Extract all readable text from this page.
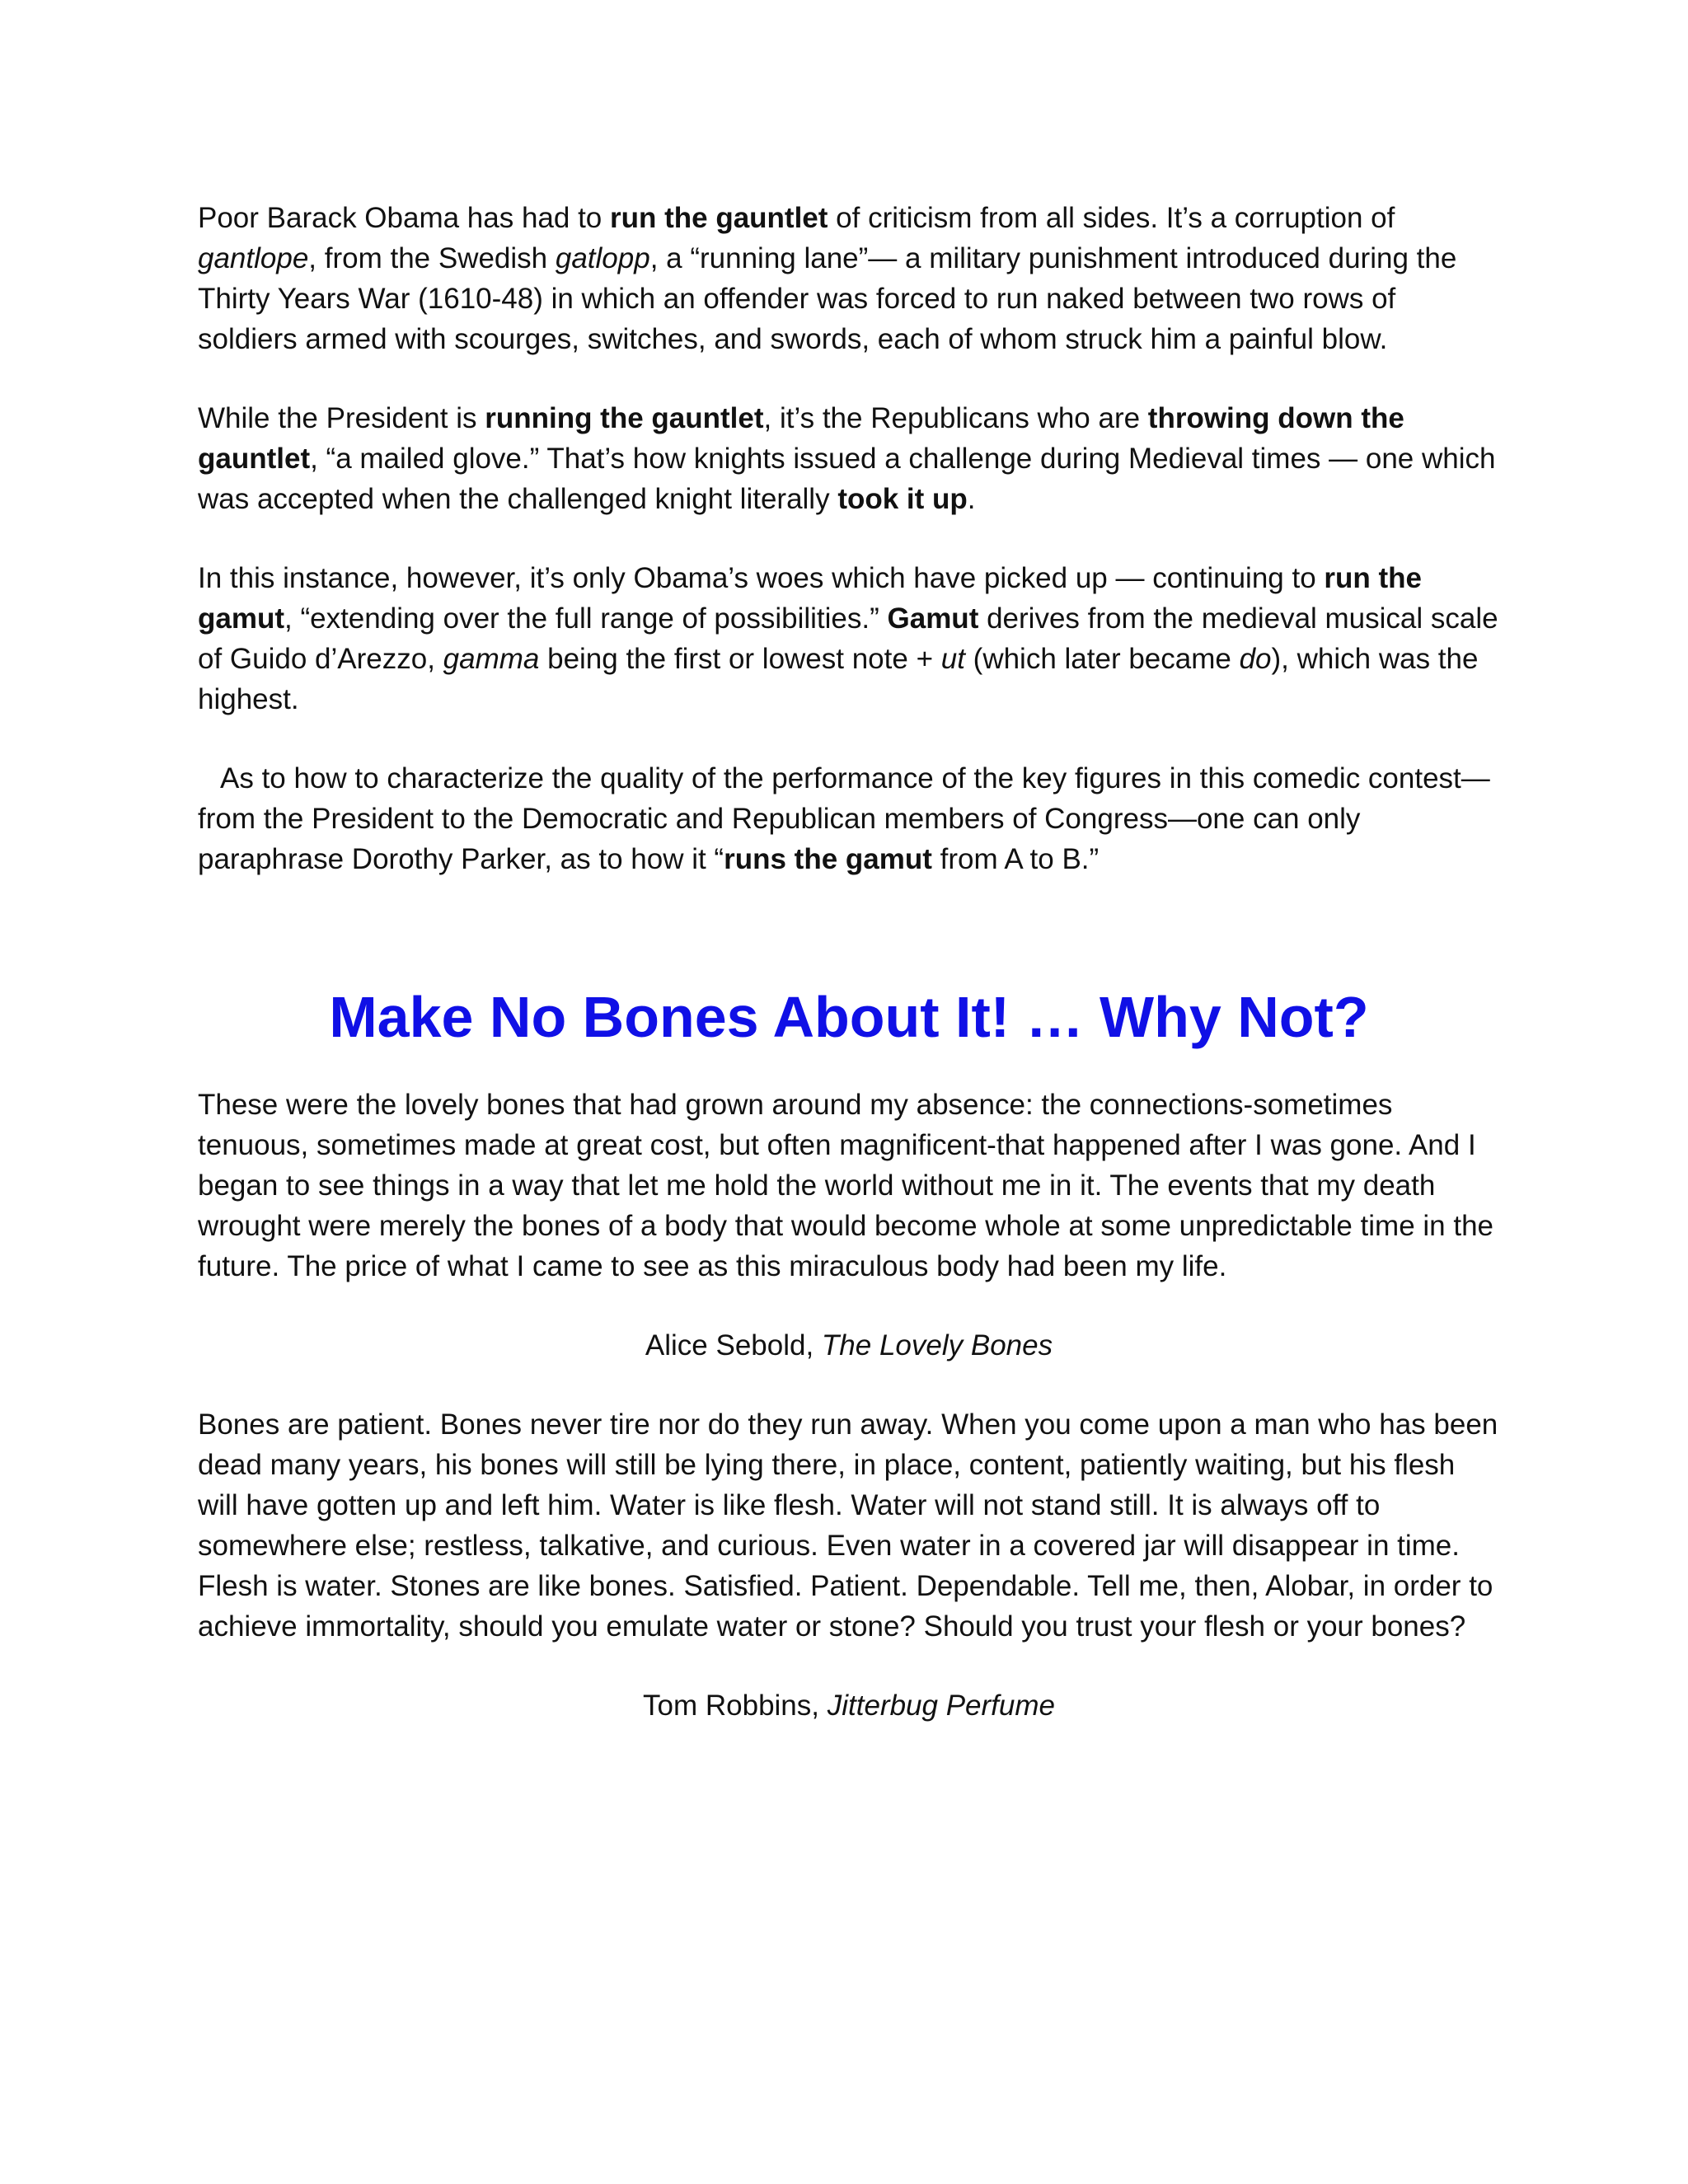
Poor Barack Obama has had to run the gauntlet of criticism from all sides. It’s a corruption of gantlope, from the Swedish gatlopp, a “running lane”— a military punishment introduced during the Thirty Years War (1610-48) in which an offender was forced to run naked between two rows of soldiers armed with scourges, switches, and swords, each of whom struck him a painful blow.

While the President is running the gauntlet, it’s the Republicans who are throwing down the gauntlet, “a mailed glove.” That’s how knights issued a challenge during Medieval times — one which was accepted when the challenged knight literally took it up.

In this instance, however, it’s only Obama’s woes which have picked up — continuing to run the gamut, “extending over the full range of possibilities.” Gamut derives from the medieval musical scale of Guido d’Arezzo, gamma being the first or lowest note + ut (which later became do), which was the highest.

As to how to characterize the quality of the performance of the key figures in this comedic contest—from the President to the Democratic and Republican members of Congress—one can only paraphrase Dorothy Parker, as to how it “runs the gamut from A to B.”

Make No Bones About It! … Why Not?

These were the lovely bones that had grown around my absence: the connections-sometimes tenuous, sometimes made at great cost, but often magnificent-that happened after I was gone. And I began to see things in a way that let me hold the world without me in it. The events that my death wrought were merely the bones of a body that would become whole at some unpredictable time in the future. The price of what I came to see as this miraculous body had been my life.

Alice Sebold, The Lovely Bones

Bones are patient. Bones never tire nor do they run away. When you come upon a man who has been dead many years, his bones will still be lying there, in place, content, patiently waiting, but his flesh will have gotten up and left him. Water is like flesh. Water will not stand still. It is always off to somewhere else; restless, talkative, and curious. Even water in a covered jar will disappear in time. Flesh is water. Stones are like bones. Satisfied. Patient. Dependable. Tell me, then, Alobar, in order to achieve immortality, should you emulate water or stone? Should you trust your flesh or your bones?

Tom Robbins, Jitterbug Perfume
